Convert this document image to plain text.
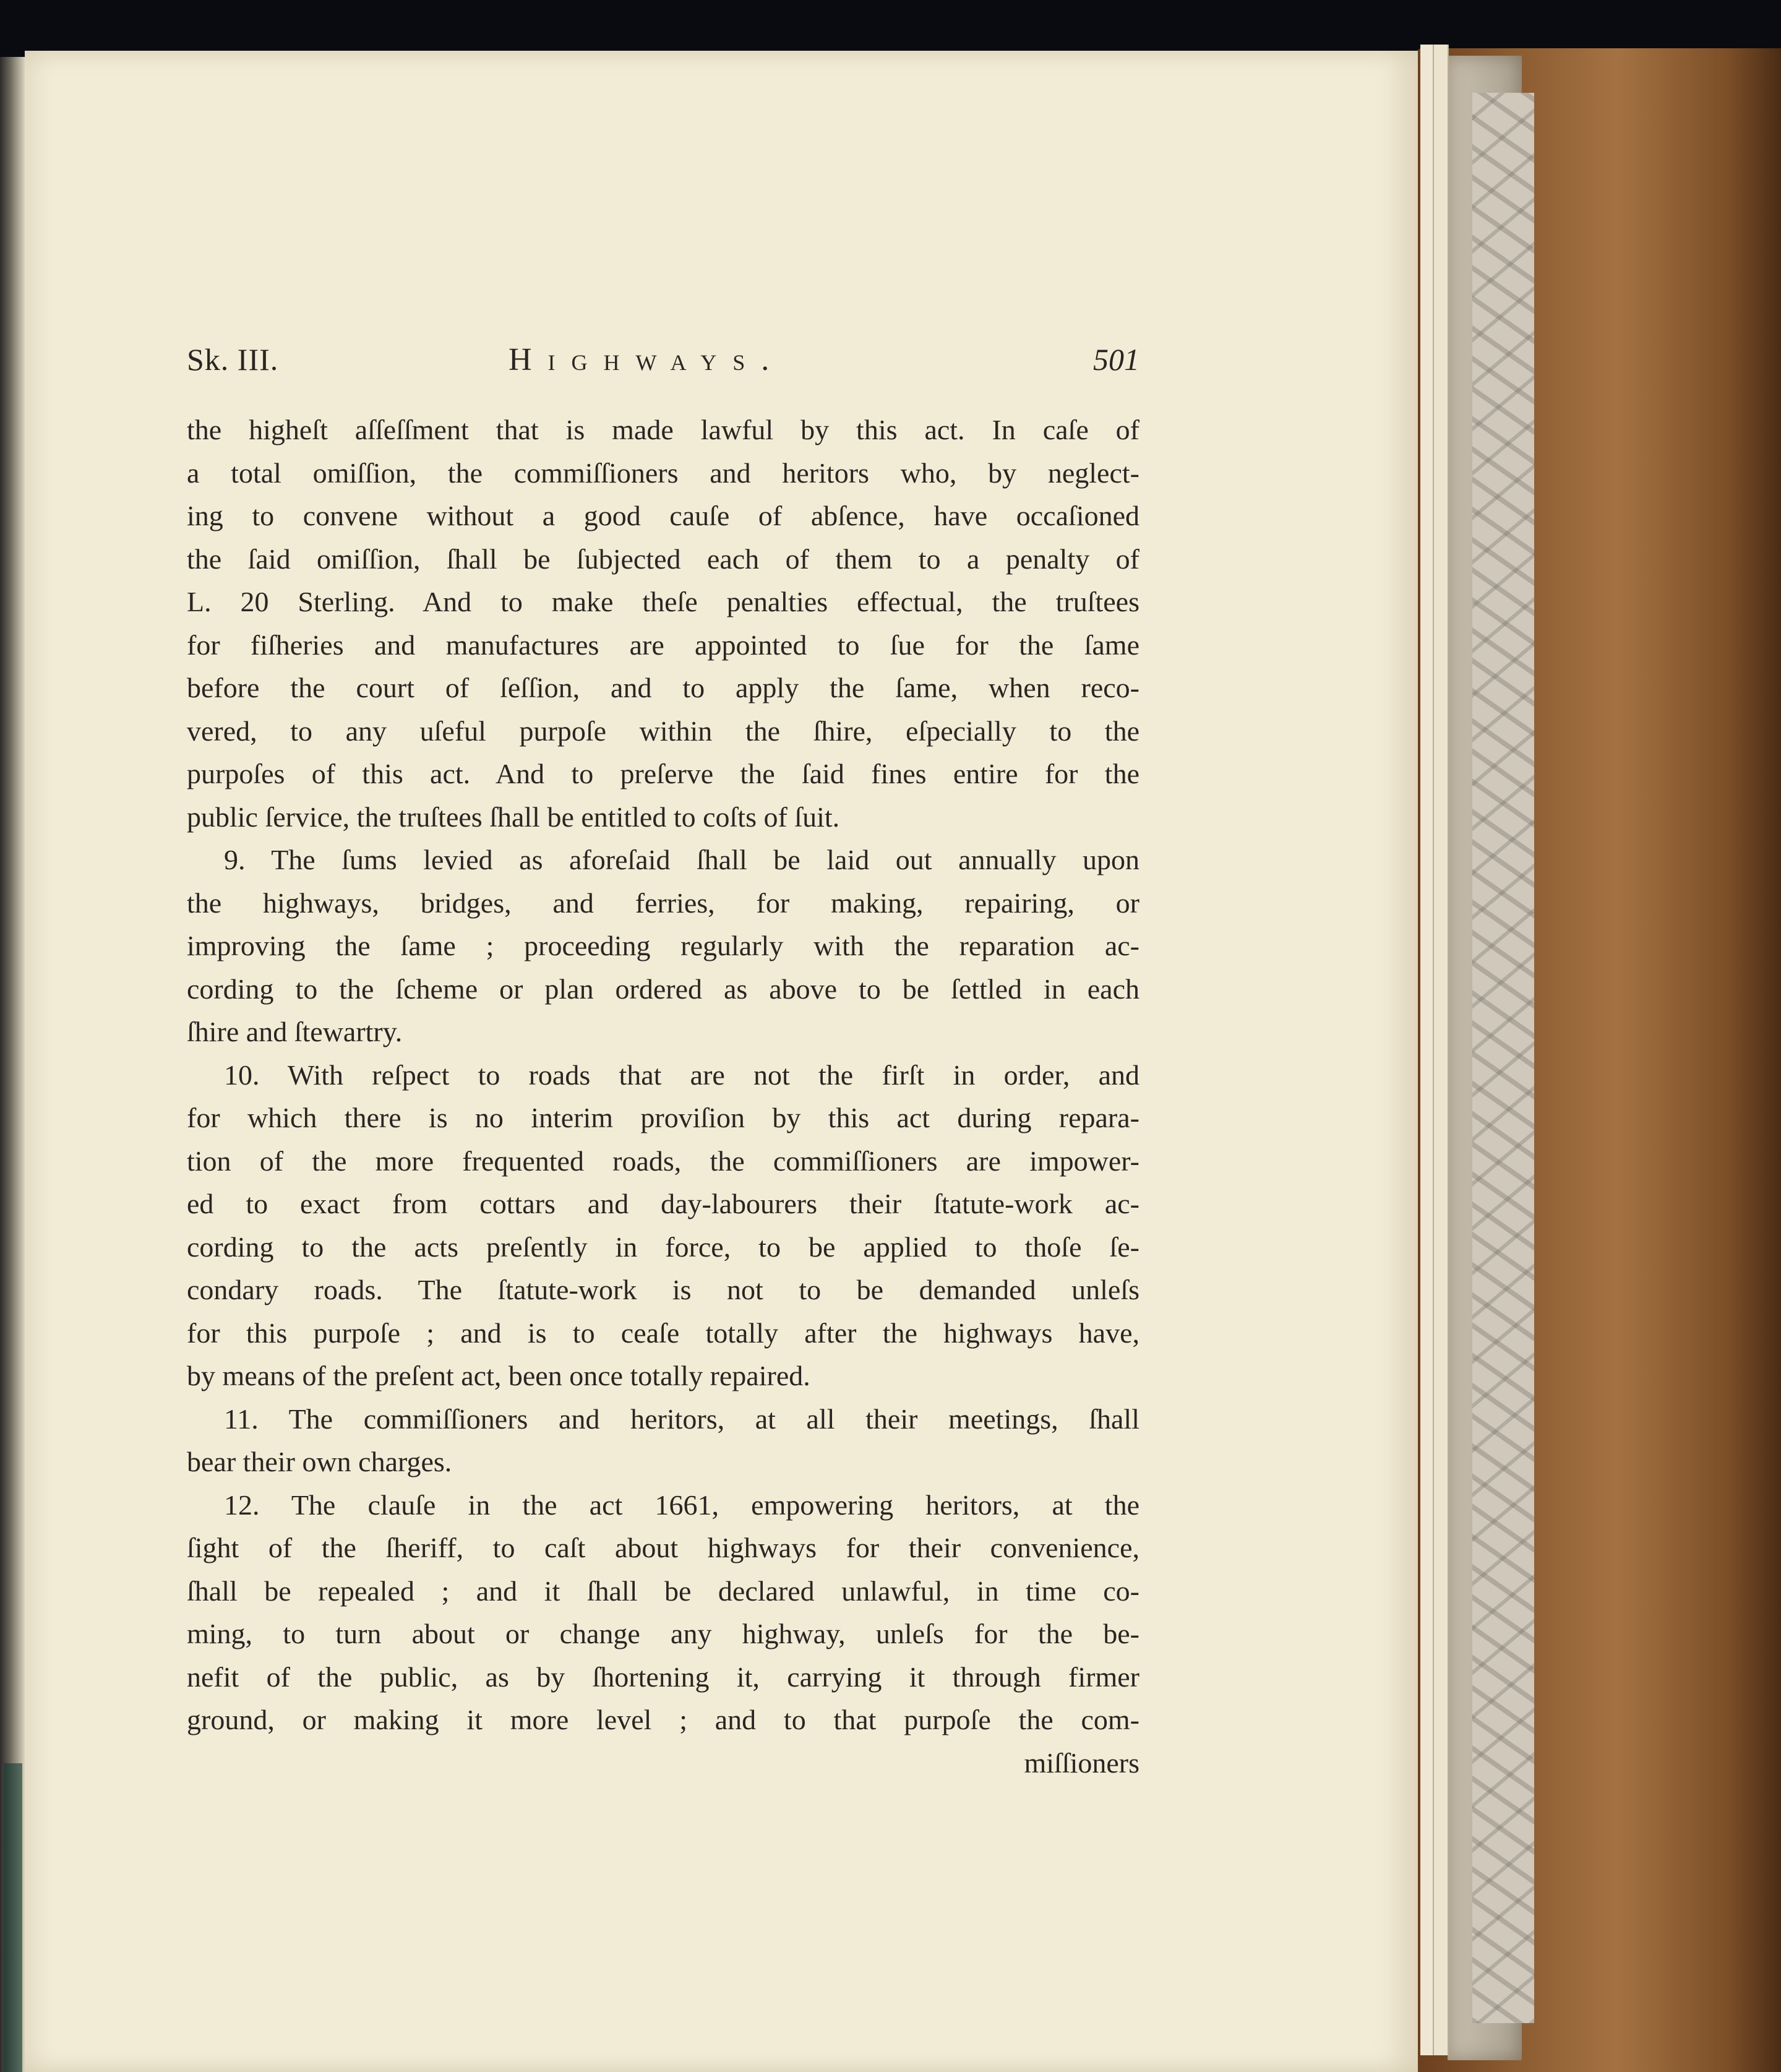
Sk. III.	Highways.	501
the higheſt aſſeſſment that is made lawful by this act. In caſe of
a total omiſſion, the commiſſioners and heritors who, by neglect-
ing to convene without a good cauſe of abſence, have occaſioned
the ſaid omiſſion, ſhall be ſubjected each of them to a penalty of
L. 20 Sterling. And to make theſe penalties effectual, the truſtees
for fiſheries and manufactures are appointed to ſue for the ſame
before the court of ſeſſion, and to apply the ſame, when reco-
vered, to any uſeful purpoſe within the ſhire, eſpecially to the
purpoſes of this act. And to preſerve the ſaid fines entire for the
public ſervice, the truſtees ſhall be entitled to coſts of ſuit.
9. The ſums levied as aforeſaid ſhall be laid out annually upon
the highways, bridges, and ferries, for making, repairing, or
improving the ſame ; proceeding regularly with the reparation ac-
cording to the ſcheme or plan ordered as above to be ſettled in each
ſhire and ſtewartry.
10. With reſpect to roads that are not the firſt in order, and
for which there is no interim proviſion by this act during repara-
tion of the more frequented roads, the commiſſioners are impower-
ed to exact from cottars and day-labourers their ſtatute-work ac-
cording to the acts preſently in force, to be applied to thoſe ſe-
condary roads. The ſtatute-work is not to be demanded unleſs
for this purpoſe ; and is to ceaſe totally after the highways have,
by means of the preſent act, been once totally repaired.
11. The commiſſioners and heritors, at all their meetings, ſhall
bear their own charges.
12. The clauſe in the act 1661, empowering heritors, at the
ſight of the ſheriff, to caſt about highways for their convenience,
ſhall be repealed ; and it ſhall be declared unlawful, in time co-
ming, to turn about or change any highway, unleſs for the be-
nefit of the public, as by ſhortening it, carrying it through firmer
ground, or making it more level ; and to that purpoſe the com-
miſſioners
